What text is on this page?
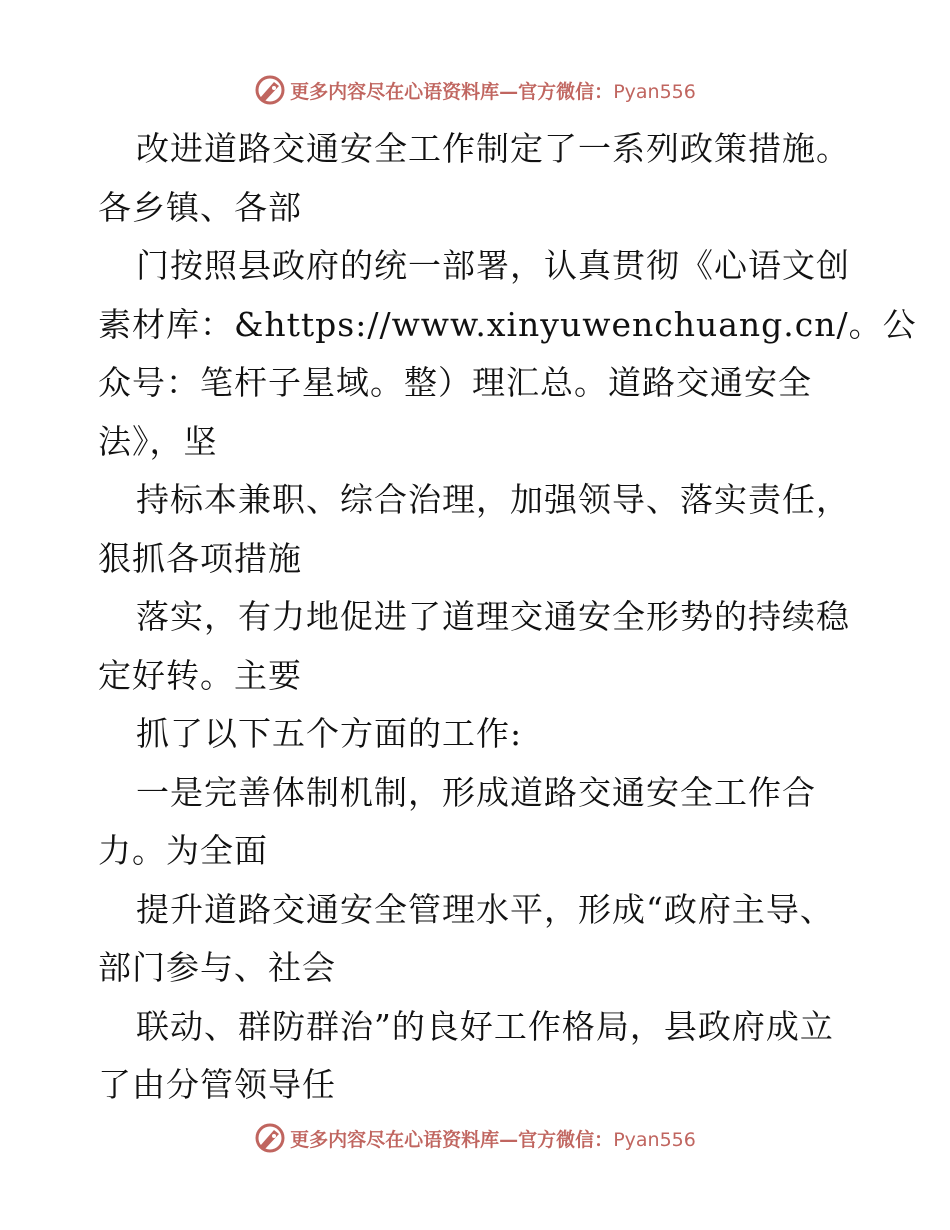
更多内容尽在心语资料库—官方微信：Pyan556
改进道路交通安全工作制定了一系列政策措施。
各乡镇、各部
门按照县政府的统一部署，认真贯彻《心语文创
素材库：&https://www.xinyuwenchuang.cn/。公
众号：笔杆子星域。整）理汇总。道路交通安全
法》，坚
持标本兼职、综合治理，加强领导、落实责任，
狠抓各项措施
落实，有力地促进了道理交通安全形势的持续稳
定好转。主要
抓了以下五个方面的工作:
一是完善体制机制，形成道路交通安全工作合
力。为全面
提升道路交通安全管理水平，形成“政府主导、
部门参与、社会
联动、群防群治”的良好工作格局，县政府成立
了由分管领导任
更多内容尽在心语资料库—官方微信：Pyan556
